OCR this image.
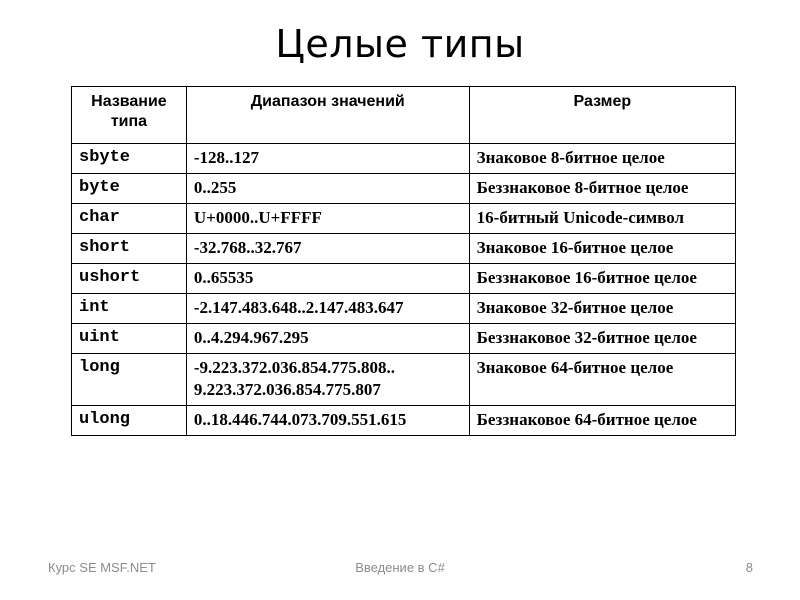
Целые типы
Название типа	Диапазон значений	Размер
sbyte	-128..127	Знаковое 8-битное целое
byte	0..255	Беззнаковое 8-битное целое
char	U+0000..U+FFFF	16-битный Unicode-символ
short	-32.768..32.767	Знаковое 16-битное целое
ushort	0..65535	Беззнаковое 16-битное целое
int	-2.147.483.648..2.147.483.647	Знаковое 32-битное целое
uint	0..4.294.967.295	Беззнаковое 32-битное целое
long	-9.223.372.036.854.775.808..
9.223.372.036.854.775.807	Знаковое 64-битное целое
ulong	0..18.446.744.073.709.551.615	Беззнаковое 64-битное целое
Курс SE MSF.NET	Введение в C#	8
